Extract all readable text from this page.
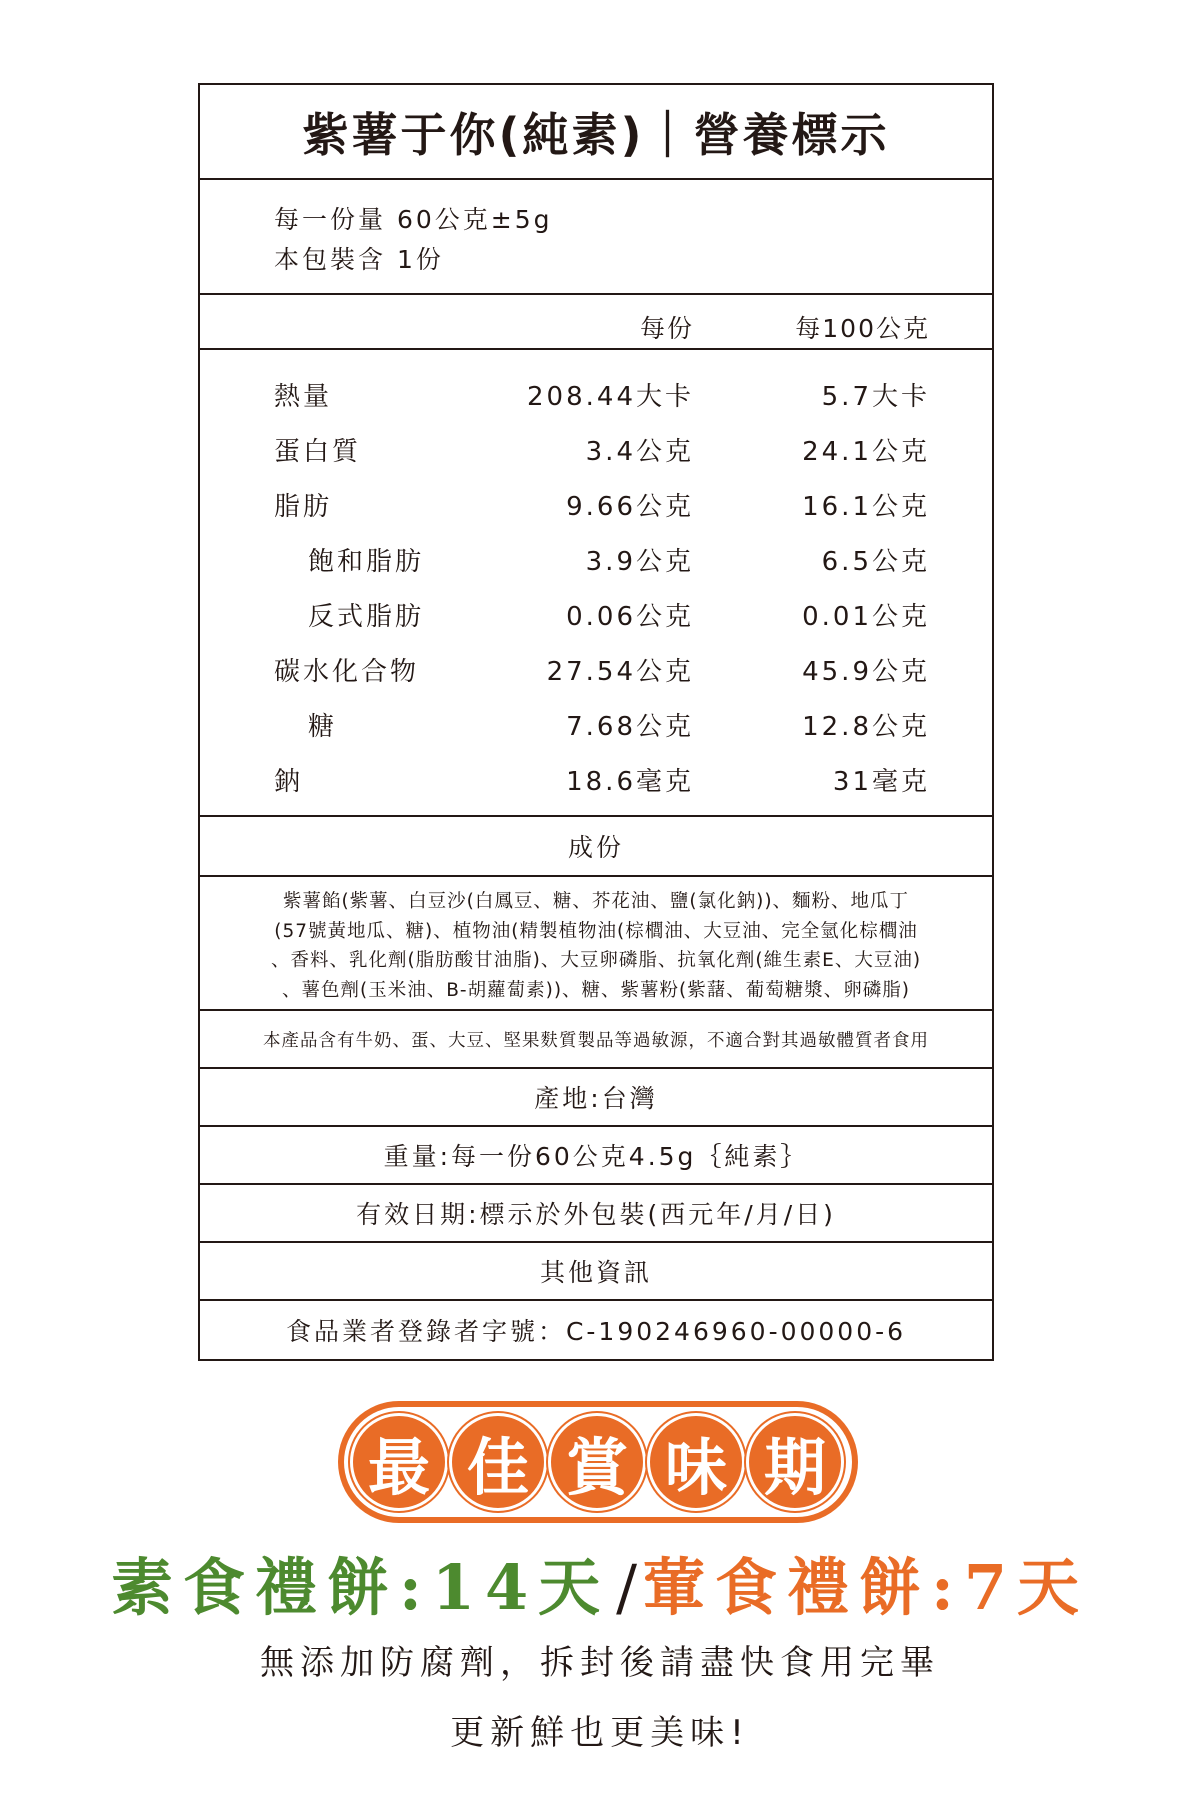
紫薯于你(純素)｜營養標示
每一份量 60公克±5g
本包裝含 1份
每份	每100公克
熱量	208.44大卡	5.7大卡
蛋白質	3.4公克	24.1公克
脂肪	9.66公克	16.1公克
飽和脂肪	3.9公克	6.5公克
反式脂肪	0.06公克	0.01公克
碳水化合物	27.54公克	45.9公克
糖	7.68公克	12.8公克
鈉	18.6毫克	31毫克
成份
紫薯餡(紫薯、白豆沙(白鳳豆、糖、芥花油、鹽(氯化鈉))、麵粉、地瓜丁
(57號黃地瓜、糖)、植物油(精製植物油(棕櫚油、大豆油、完全氫化棕櫚油
、香料、乳化劑(脂肪酸甘油脂)、大豆卵磷脂、抗氧化劑(維生素E、大豆油)
、薯色劑(玉米油、B-胡蘿蔔素))、糖、紫薯粉(紫藷、葡萄糖漿、卵磷脂)
本產品含有牛奶、蛋、大豆、堅果麩質製品等過敏源，不適合對其過敏體質者食用
產地:台灣
重量:每一份60公克4.5g｛純素｝
有效日期:標示於外包裝(西元年/月/日)
其他資訊
食品業者登錄者字號：C-190246960-00000-6
最 佳 賞 味 期
素食禮餅:14天/葷食禮餅:7天
無添加防腐劑，拆封後請盡快食用完畢
更新鮮也更美味!
